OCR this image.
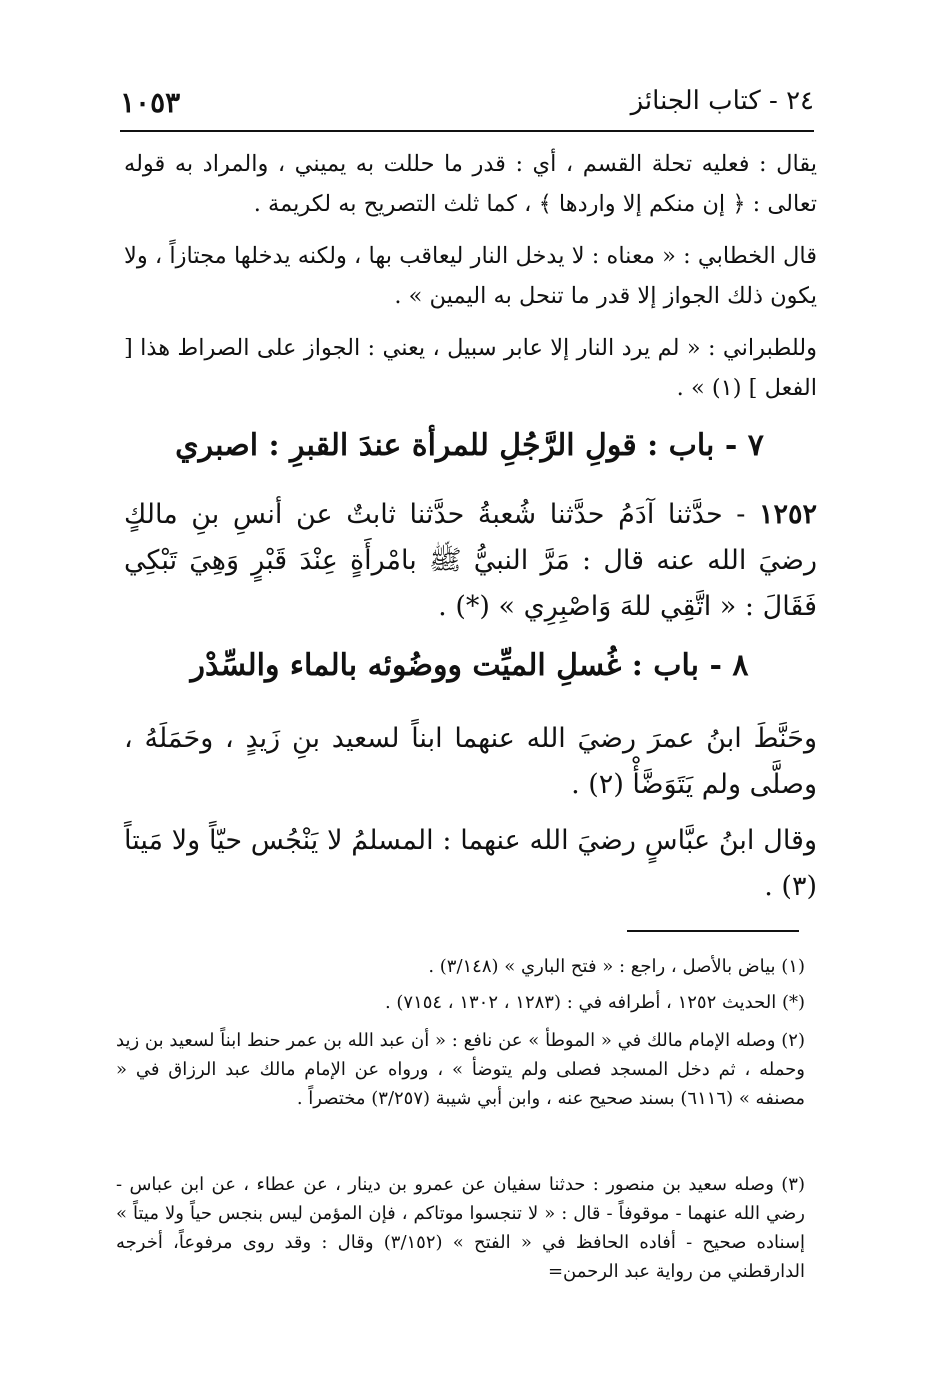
٢٤ - كتاب الجنائز
١٠٥٣
يقال : فعليه تحلة القسم ، أي : قدر ما حللت به يميني ، والمراد به قوله تعالى : ﴿ إن منكم إلا واردها ﴾ ، كما ثلث التصريح به لكريمة .
قال الخطابي : « معناه : لا يدخل النار ليعاقب بها ، ولكنه يدخلها مجتازاً ، ولا يكون ذلك الجواز إلا قدر ما تنحل به اليمين » .
وللطبراني : « لم يرد النار إلا عابر سبيل ، يعني : الجواز على الصراط هذا [ الفعل ] (١) » .
٧ - باب : قولِ الرَّجُلِ للمرأة عندَ القبرِ : اصبري
١٢٥٢ - حدَّثنا آدَمُ حدَّثنا شُعبةُ حدَّثنا ثابتٌ عن أنسِ بنِ مالكٍ رضيَ الله عنه قال : مَرَّ النبيُّ ﷺ بامْرأَةٍ عِنْدَ قَبْرٍ وَهِيَ تَبْكِي فَقَالَ : « اتَّقِي للهَ وَاصْبِرِي » (*) .
٨ - باب : غُسلِ الميِّت ووضُوئه بالماء والسِّدْر
وحَنَّطَ ابنُ عمرَ رضيَ الله عنهما ابناً لسعيد بنِ زَيدٍ ، وحَمَلَهُ ، وصلَّى ولم يَتَوَضَّأْ (٢) .
وقال ابنُ عبَّاسٍ رضيَ الله عنهما : المسلمُ لا يَنْجُس حيّاً ولا مَيتاً (٣) .
(١) بياض بالأصل ، راجع : « فتح الباري » (٣/١٤٨) .
(*) الحديث ١٢٥٢ ، أطرافه في : (١٢٨٣ ، ١٣٠٢ ، ٧١٥٤) .
(٢) وصله الإمام مالك في « الموطأ » عن نافع : « أن عبد الله بن عمر حنط ابناً لسعيد بن زيد وحمله ، ثم دخل المسجد فصلى ولم يتوضأ » ، ورواه عن الإمام مالك عبد الرزاق في « مصنفه » (٦١١٦) بسند صحيح عنه ، وابن أبي شيبة (٣/٢٥٧) مختصراً .
(٣) وصله سعيد بن منصور : حدثنا سفيان عن عمرو بن دينار ، عن عطاء ، عن ابن عباس - رضي الله عنهما - موقوفاً - قال : « لا تنجسوا موتاكم ، فإن المؤمن ليس بنجس حياً ولا ميتاً » إسناده صحيح - أفاده الحافظ في « الفتح » (٣/١٥٢) وقال : وقد روى مرفوعاً، أخرجه الدارقطني من رواية عبد الرحمن=
